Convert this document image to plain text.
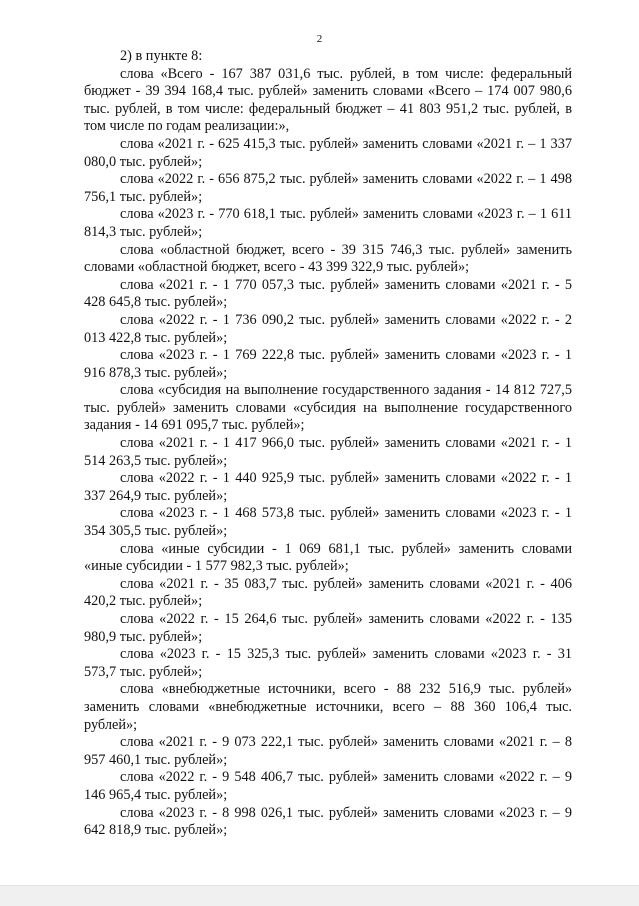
2

2) в пункте 8:

слова «Всего - 167 387 031,6 тыс. рублей, в том числе: федеральный бюджет - 39 394 168,4 тыс. рублей» заменить словами «Всего – 174 007 980,6 тыс. рублей, в том числе: федеральный бюджет – 41 803 951,2 тыс. рублей, в том числе по годам реализации:»,

слова «2021 г. - 625 415,3 тыс. рублей» заменить словами «2021 г. – 1 337 080,0 тыс. рублей»;

слова «2022 г. - 656 875,2 тыс. рублей» заменить словами «2022 г. – 1 498 756,1 тыс. рублей»;

слова «2023 г. - 770 618,1 тыс. рублей» заменить словами «2023 г. – 1 611 814,3 тыс. рублей»;

слова «областной бюджет, всего - 39 315 746,3 тыс. рублей» заменить словами «областной бюджет, всего - 43 399 322,9 тыс. рублей»;

слова «2021 г. - 1 770 057,3 тыс. рублей» заменить словами «2021 г. - 5 428 645,8 тыс. рублей»;

слова «2022 г. - 1 736 090,2 тыс. рублей» заменить словами «2022 г. - 2 013 422,8 тыс. рублей»;

слова «2023 г. - 1 769 222,8 тыс. рублей» заменить словами «2023 г. - 1 916 878,3 тыс. рублей»;

слова «субсидия на выполнение государственного задания - 14 812 727,5 тыс. рублей» заменить словами «субсидия на выполнение государственного задания - 14 691 095,7 тыс. рублей»;

слова «2021 г. - 1 417 966,0 тыс. рублей» заменить словами «2021 г. - 1 514 263,5 тыс. рублей»;

слова «2022 г. - 1 440 925,9 тыс. рублей» заменить словами «2022 г. - 1 337 264,9 тыс. рублей»;

слова «2023 г. - 1 468 573,8 тыс. рублей» заменить словами «2023 г. - 1 354 305,5 тыс. рублей»;

слова «иные субсидии - 1 069 681,1 тыс. рублей» заменить словами «иные субсидии - 1 577 982,3 тыс. рублей»;

слова «2021 г. - 35 083,7 тыс. рублей» заменить словами «2021 г. - 406 420,2 тыс. рублей»;

слова «2022 г. - 15 264,6 тыс. рублей» заменить словами «2022 г. - 135 980,9 тыс. рублей»;

слова «2023 г. - 15 325,3 тыс. рублей» заменить словами «2023 г. - 31 573,7 тыс. рублей»;

слова «внебюджетные источники, всего - 88 232 516,9 тыс. рублей» заменить словами «внебюджетные источники, всего – 88 360 106,4 тыс. рублей»;

слова «2021 г. - 9 073 222,1 тыс. рублей» заменить словами «2021 г. – 8 957 460,1 тыс. рублей»;

слова «2022 г. - 9 548 406,7 тыс. рублей» заменить словами «2022 г. – 9 146 965,4 тыс. рублей»;

слова «2023 г. - 8 998 026,1 тыс. рублей» заменить словами «2023 г. – 9 642 818,9 тыс. рублей»;
